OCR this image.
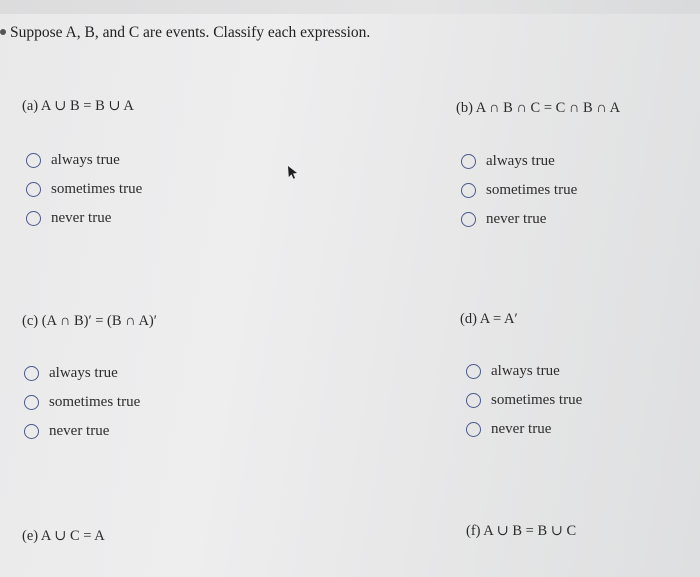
Suppose A, B, and C are events. Classify each expression.
(a) A ∪ B = B ∪ A
always true
sometimes true
never true
(b) A ∩ B ∩ C = C ∩ B ∩ A
always true
sometimes true
never true
(c) (A ∩ B)′ = (B ∩ A)′
always true
sometimes true
never true
(d) A = A′
always true
sometimes true
never true
(e) A ∪ C = A	(f) A ∪ B = B ∪ C
